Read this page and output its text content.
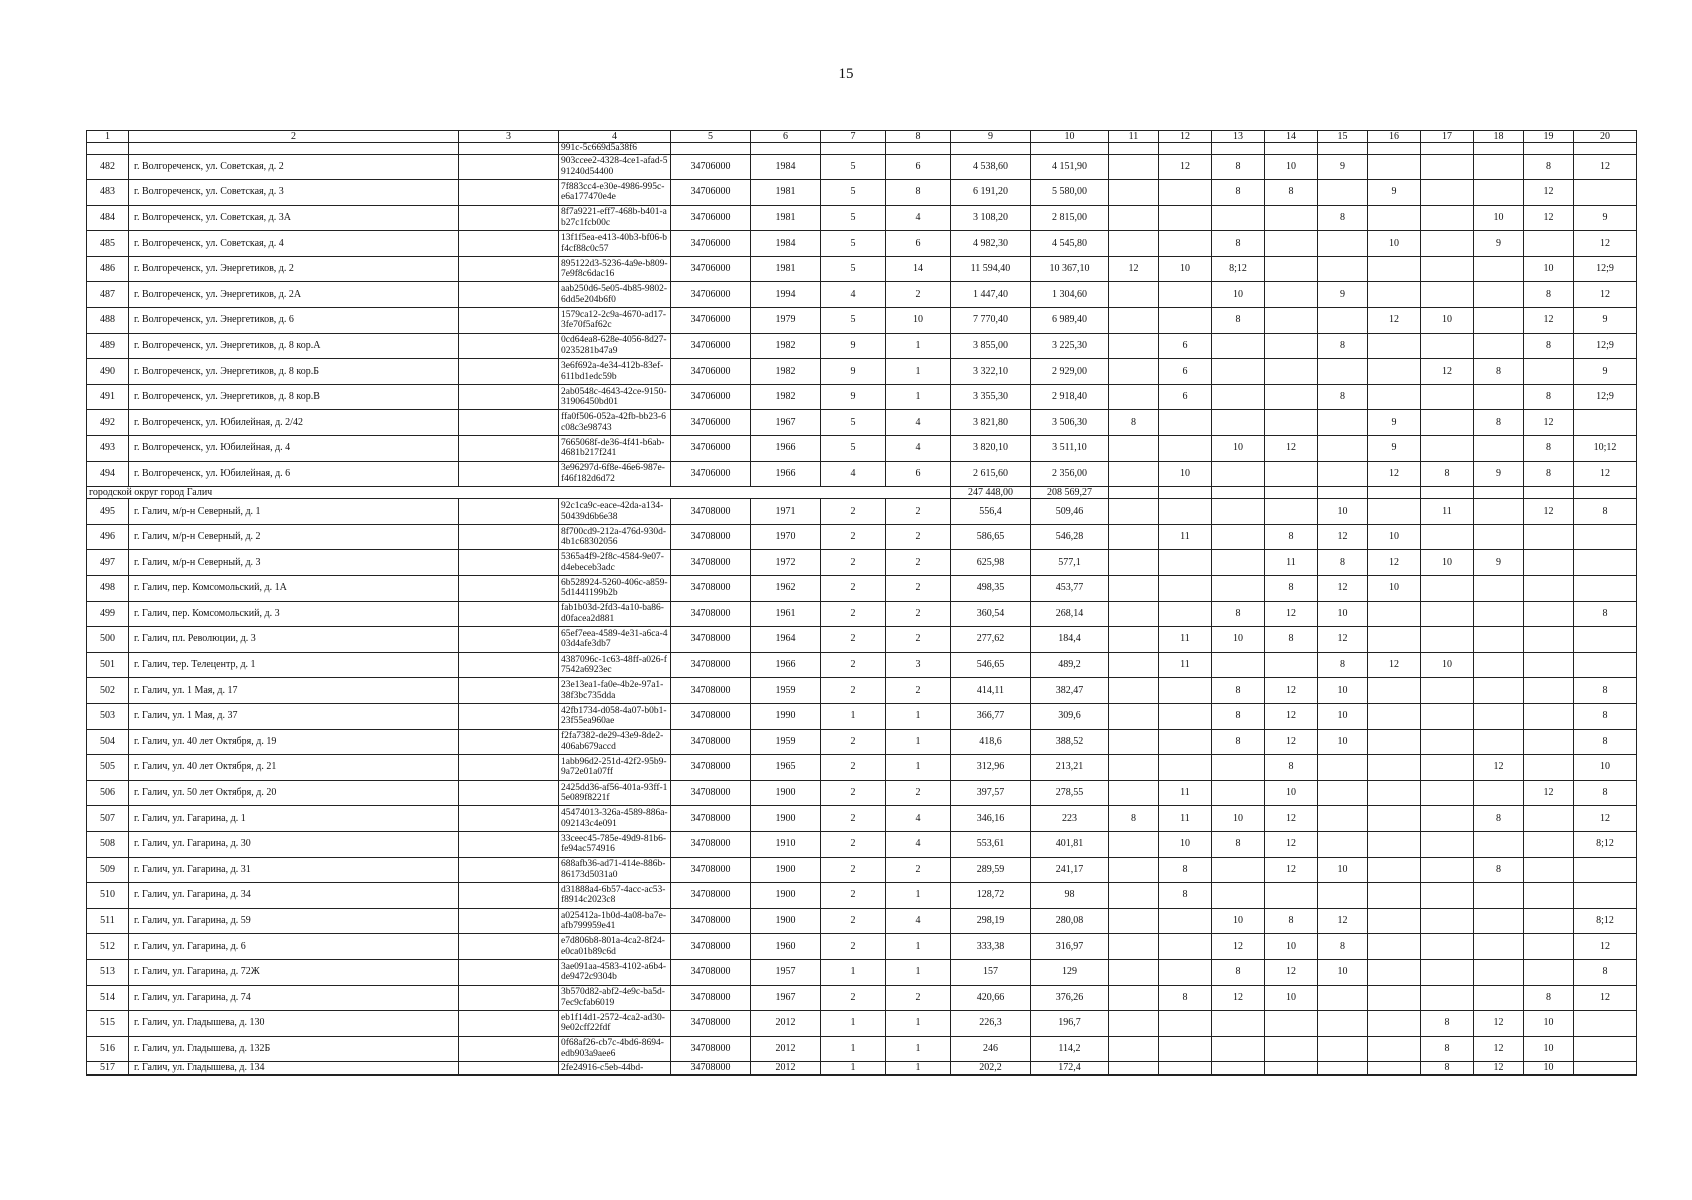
15
1	2	3	4	5	6	7	8	9	10	11	12	13	14	15	16	17	18	19	20
			991c-5c669d5a38f6																
482	г. Волгореченск, ул. Советская, д. 2		903ccee2-4328-4ce1-afad-591240d54400	34706000	1984	5	6	4 538,60	4 151,90		12	8	10	9				8	12
483	г. Волгореченск, ул. Советская, д. 3		7f883cc4-e30e-4986-995c-e6a177470e4e	34706000	1981	5	8	6 191,20	5 580,00			8	8		9			12	
484	г. Волгореченск, ул. Советская, д. 3А		8f7a9221-eff7-468b-b401-ab27c1fcb00c	34706000	1981	5	4	3 108,20	2 815,00					8			10	12	9
485	г. Волгореченск, ул. Советская, д. 4		13f1f5ea-e413-40b3-bf06-bf4cf88c0c57	34706000	1984	5	6	4 982,30	4 545,80			8			10		9		12
486	г. Волгореченск, ул. Энергетиков, д. 2		895122d3-5236-4a9e-b809-7e9f8c6dac16	34706000	1981	5	14	11 594,40	10 367,10	12	10	8;12						10	12;9
487	г. Волгореченск, ул. Энергетиков, д. 2А		aab250d6-5e05-4b85-9802-6dd5e204b6f0	34706000	1994	4	2	1 447,40	1 304,60			10		9				8	12
488	г. Волгореченск, ул. Энергетиков, д. 6		1579ca12-2c9a-4670-ad17-3fe70f5af62c	34706000	1979	5	10	7 770,40	6 989,40			8			12	10		12	9
489	г. Волгореченск, ул. Энергетиков, д. 8 кор.А		0cd64ea8-628e-4056-8d27-0235281b47a9	34706000	1982	9	1	3 855,00	3 225,30		6			8				8	12;9
490	г. Волгореченск, ул. Энергетиков, д. 8 кор.Б		3e6f692a-4e34-412b-83ef-611bd1edc59b	34706000	1982	9	1	3 322,10	2 929,00		6					12	8		9
491	г. Волгореченск, ул. Энергетиков, д. 8 кор.В		2ab0548c-4643-42ce-9150-31906450bd01	34706000	1982	9	1	3 355,30	2 918,40		6			8				8	12;9
492	г. Волгореченск, ул. Юбилейная, д. 2/42		ffa0f506-052a-42fb-bb23-6c08c3e98743	34706000	1967	5	4	3 821,80	3 506,30	8					9		8	12	
493	г. Волгореченск, ул. Юбилейная, д. 4		7665068f-de36-4f41-b6ab-4681b217f241	34706000	1966	5	4	3 820,10	3 511,10			10	12		9			8	10;12
494	г. Волгореченск, ул. Юбилейная, д. 6		3e96297d-6f8e-46e6-987e-f46f182d6d72	34706000	1966	4	6	2 615,60	2 356,00		10				12	8	9	8	12
городской округ город Галич								247 448,00	208 569,27										
495	г. Галич, м/р-н Северный, д. 1		92c1ca9c-eace-42da-a134-50439d6b6e38	34708000	1971	2	2	556,4	509,46					10		11		12	8
496	г. Галич, м/р-н Северный, д. 2		8f700cd9-212a-476d-930d-4b1c68302056	34708000	1970	2	2	586,65	546,28		11		8	12	10				
497	г. Галич, м/р-н Северный, д. 3		5365a4f9-2f8c-4584-9e07-d4ebeceb3adc	34708000	1972	2	2	625,98	577,1				11	8	12	10	9		
498	г. Галич, пер. Комсомольский, д. 1А		6b528924-5260-406c-a859-5d1441199b2b	34708000	1962	2	2	498,35	453,77				8	12	10				
499	г. Галич, пер. Комсомольский, д. 3		fab1b03d-2fd3-4a10-ba86-d0facea2d881	34708000	1961	2	2	360,54	268,14			8	12	10					8
500	г. Галич, пл. Революции, д. 3		65ef7eea-4589-4e31-a6ca-403d4afe3db7	34708000	1964	2	2	277,62	184,4		11	10	8	12					
501	г. Галич, тер. Телецентр, д. 1		4387096c-1c63-48ff-a026-f7542a6923ec	34708000	1966	2	3	546,65	489,2		11			8	12	10			
502	г. Галич, ул. 1 Мая, д. 17		23e13ea1-fa0e-4b2e-97a1-38f3bc735dda	34708000	1959	2	2	414,11	382,47			8	12	10					8
503	г. Галич, ул. 1 Мая, д. 37		42fb1734-d058-4a07-b0b1-23f55ea960ae	34708000	1990	1	1	366,77	309,6			8	12	10					8
504	г. Галич, ул. 40 лет Октября, д. 19		f2fa7382-de29-43e9-8de2-406ab679accd	34708000	1959	2	1	418,6	388,52			8	12	10					8
505	г. Галич, ул. 40 лет Октября, д. 21		1abb96d2-251d-42f2-95b9-9a72e01a07ff	34708000	1965	2	1	312,96	213,21				8				12		10
506	г. Галич, ул. 50 лет Октября, д. 20		2425dd36-af56-401a-93ff-15e089f8221f	34708000	1900	2	2	397,57	278,55		11		10					12	8
507	г. Галич, ул. Гагарина, д. 1		45474013-326a-4589-886a-092143c4e091	34708000	1900	2	4	346,16	223	8	11	10	12				8		12
508	г. Галич, ул. Гагарина, д. 30		33ceec45-785e-49d9-81b6-fe94ac574916	34708000	1910	2	4	553,61	401,81		10	8	12						8;12
509	г. Галич, ул. Гагарина, д. 31		688afb36-ad71-414e-886b-86173d5031a0	34708000	1900	2	2	289,59	241,17		8		12	10			8		
510	г. Галич, ул. Гагарина, д. 34		d31888a4-6b57-4acc-ac53-f8914c2023c8	34708000	1900	2	1	128,72	98		8								
511	г. Галич, ул. Гагарина, д. 59		a025412a-1b0d-4a08-ba7e-afb799959e41	34708000	1900	2	4	298,19	280,08			10	8	12					8;12
512	г. Галич, ул. Гагарина, д. 6		e7d806b8-801a-4ca2-8f24-e0ca01b89c6d	34708000	1960	2	1	333,38	316,97			12	10	8					12
513	г. Галич, ул. Гагарина, д. 72Ж		3ae091aa-4583-4102-a6b4-de9472c9304b	34708000	1957	1	1	157	129			8	12	10					8
514	г. Галич, ул. Гагарина, д. 74		3b570d82-abf2-4e9c-ba5d-7ec9cfab6019	34708000	1967	2	2	420,66	376,26		8	12	10					8	12
515	г. Галич, ул. Гладышева, д. 130		eb1f14d1-2572-4ca2-ad30-9e02cff22fdf	34708000	2012	1	1	226,3	196,7							8	12	10	
516	г. Галич, ул. Гладышева, д. 132Б		0f68af26-cb7c-4bd6-8694-edb903a9aee6	34708000	2012	1	1	246	114,2							8	12	10	
517	г. Галич, ул. Гладышева, д. 134		2fe24916-c5eb-44bd-	34708000	2012	1	1	202,2	172,4							8	12	10	
